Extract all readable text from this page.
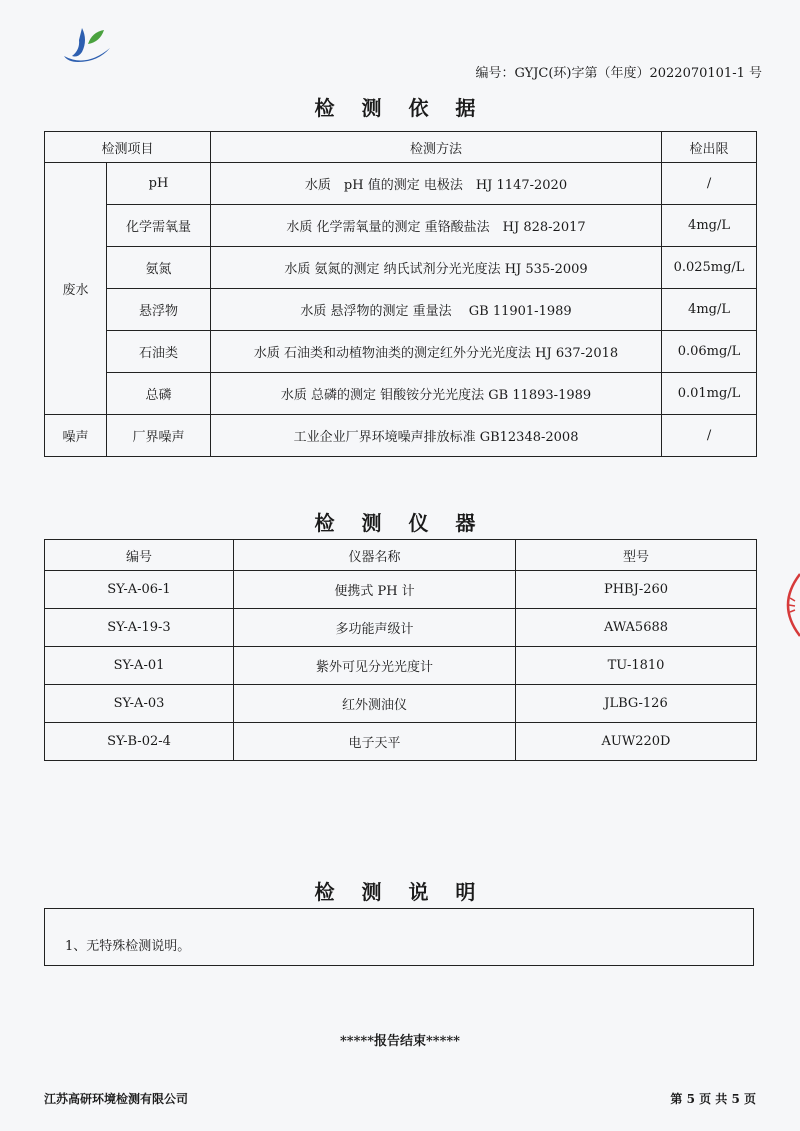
编号：GYJC(环)字第（年度）2022070101-1 号
检 测 依 据
检测项目		检测方法	检出限
废水	pH	水质　pH 值的测定 电极法　HJ 1147-2020	/
	化学需氧量	水质 化学需氧量的测定 重铬酸盐法　HJ 828-2017	4mg/L
	氨氮	水质 氨氮的测定 纳氏试剂分光光度法 HJ 535-2009	0.025mg/L
	悬浮物	水质 悬浮物的测定 重量法　 GB 11901-1989	4mg/L
	石油类	水质 石油类和动植物油类的测定红外分光光度法 HJ 637-2018	0.06mg/L
	总磷	水质 总磷的测定 钼酸铵分光光度法 GB 11893-1989	0.01mg/L
噪声	厂界噪声	工业企业厂界环境噪声排放标准 GB12348-2008	/
检 测 仪 器
编号	仪器名称	型号
SY-A-06-1	便携式 PH 计	PHBJ-260
SY-A-19-3	多功能声级计	AWA5688
SY-A-01	紫外可见分光光度计	TU-1810
SY-A-03	红外测油仪	JLBG-126
SY-B-02-4	电子天平	AUW220D
检 测 说 明
1、无特殊检测说明。
*****报告结束*****
江苏高研环境检测有限公司	第 5 页 共 5 页
